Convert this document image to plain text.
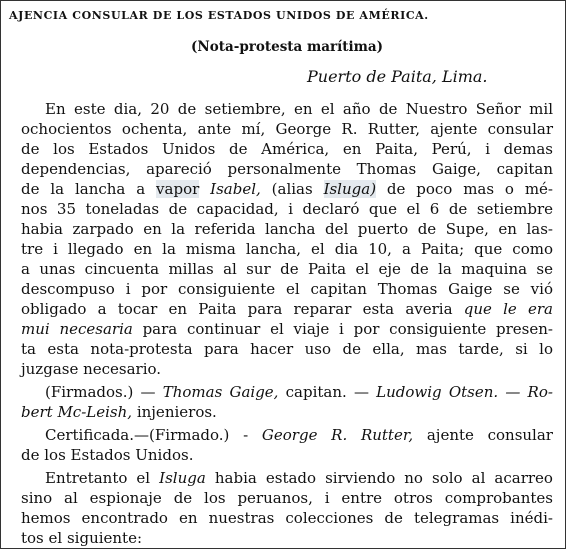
AJENCIA CONSULAR DE LOS ESTADOS UNIDOS DE AMÉRICA.
(Nota-protesta marítima)
Puerto de Paita, Lima.
En este dia, 20 de setiembre, en el año de Nuestro Señor mil
ochocientos ochenta, ante mí, George R. Rutter, ajente consular
de los Estados Unidos de América, en Paita, Perú, i demas
dependencias, apareció personalmente Thomas Gaige, capitan
de la lancha a vapor Isabel, (alias Isluga) de poco mas o mé-
nos 35 toneladas de capacidad, i declaró que el 6 de setiembre
habia zarpado en la referida lancha del puerto de Supe, en las-
tre i llegado en la misma lancha, el dia 10, a Paita; que como
a unas cincuenta millas al sur de Paita el eje de la maquina se
descompuso i por consiguiente el capitan Thomas Gaige se vió
obligado a tocar en Paita para reparar esta averia que le era
mui necesaria para continuar el viaje i por consiguiente presen-
ta esta nota-protesta para hacer uso de ella, mas tarde, si lo
juzgase necesario.
(Firmados.) — Thomas Gaige, capitan. — Ludowig Otsen. — Ro-
bert Mc-Leish, injenieros.
Certificada.—(Firmado.) - George R. Rutter, ajente consular
de los Estados Unidos.
Entretanto el Isluga habia estado sirviendo no solo al acarreo
sino al espionaje de los peruanos, i entre otros comprobantes
hemos encontrado en nuestras colecciones de telegramas inédi-
tos el siguiente:
